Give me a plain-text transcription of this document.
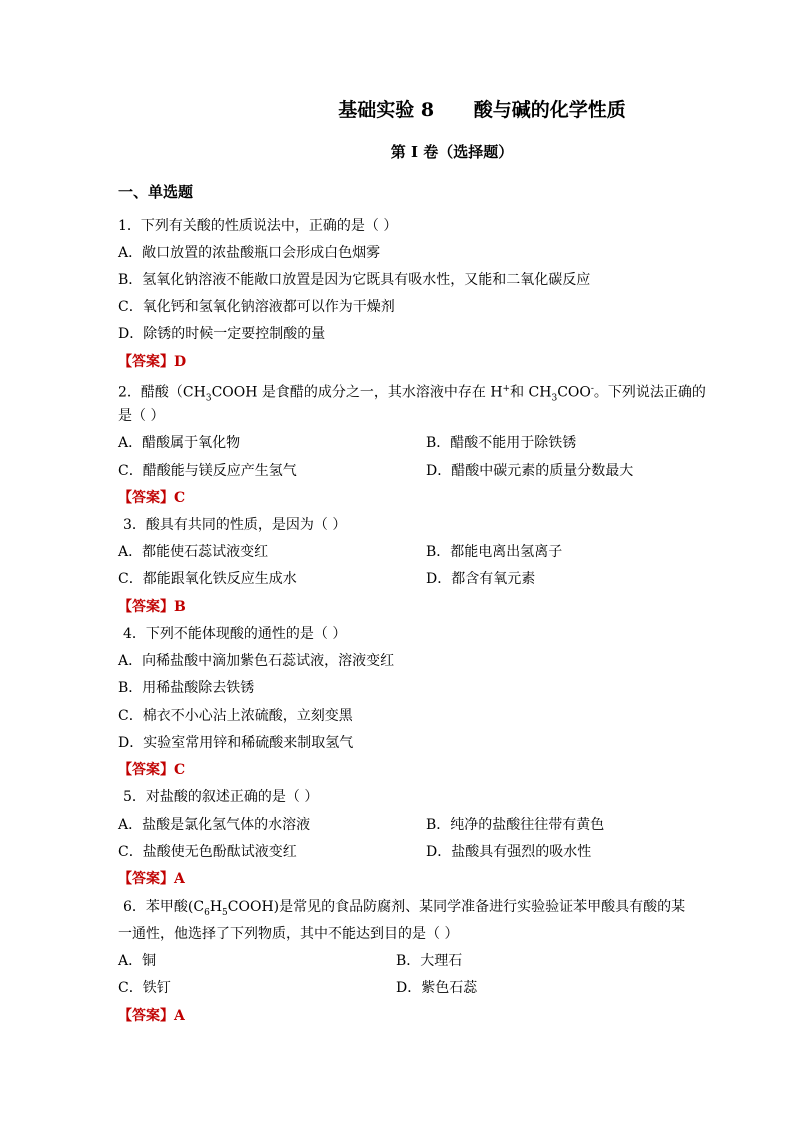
基础实验 8      酸与碱的化学性质
第 I 卷（选择题）
一、单选题
1．下列有关酸的性质说法中，正确的是（ ）
A．敞口放置的浓盐酸瓶口会形成白色烟雾
B．氢氧化钠溶液不能敞口放置是因为它既具有吸水性，又能和二氧化碳反应
C．氧化钙和氢氧化钠溶液都可以作为干燥剂
D．除锈的时候一定要控制酸的量
【答案】D
2．醋酸（$CH_3COOH$ 是食醋的成分之一，其水溶液中存在 H+和 $CH_3COO^-$。下列说法正确的
是（ ）
A．醋酸属于氧化物	B．醋酸不能用于除铁锈
C．醋酸能与镁反应产生氢气	D．醋酸中碳元素的质量分数最大
【答案】C
3．酸具有共同的性质，是因为（ ）
A．都能使石蕊试液变红	B．都能电离出氢离子
C．都能跟氧化铁反应生成水	D．都含有氧元素
【答案】B
4．下列不能体现酸的通性的是（ ）
A．向稀盐酸中滴加紫色石蕊试液，溶液变红
B．用稀盐酸除去铁锈
C．棉衣不小心沾上浓硫酸，立刻变黑
D．实验室常用锌和稀硫酸来制取氢气
【答案】C
5．对盐酸的叙述正确的是（ ）
A．盐酸是氯化氢气体的水溶液	B．纯净的盐酸往往带有黄色
C．盐酸使无色酚酞试液变红	D．盐酸具有强烈的吸水性
【答案】A
6．苯甲酸$(C_6H_5COOH)$是常见的食品防腐剂、某同学准备进行实验验证苯甲酸具有酸的某
一通性，他选择了下列物质，其中不能达到目的是（ ）
A．铜	B．大理石
C．铁钉	D．紫色石蕊
【答案】A
